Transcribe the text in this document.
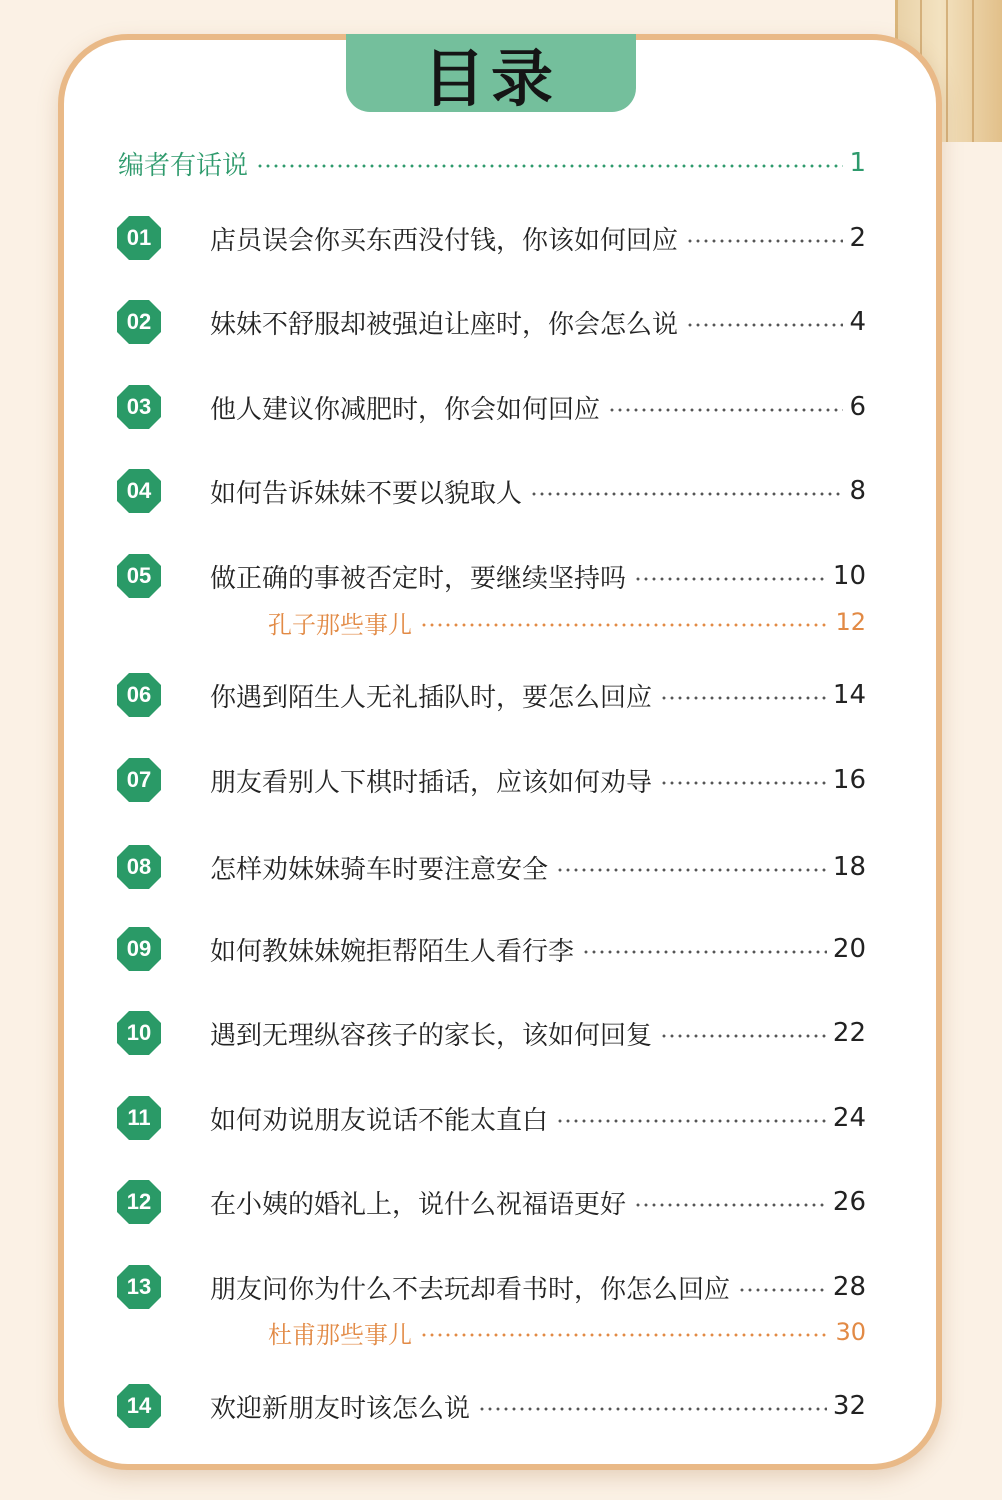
目录
编者有话说	1
01 店员误会你买东西没付钱，你该如何回应	2
02 妹妹不舒服却被强迫让座时，你会怎么说	4
03 他人建议你减肥时，你会如何回应	6
04 如何告诉妹妹不要以貌取人	8
05 做正确的事被否定时，要继续坚持吗	10
孔子那些事儿	12
06 你遇到陌生人无礼插队时，要怎么回应	14
07 朋友看别人下棋时插话，应该如何劝导	16
08 怎样劝妹妹骑车时要注意安全	18
09 如何教妹妹婉拒帮陌生人看行李	20
10 遇到无理纵容孩子的家长，该如何回复	22
11 如何劝说朋友说话不能太直白	24
12 在小姨的婚礼上，说什么祝福语更好	26
13 朋友问你为什么不去玩却看书时，你怎么回应	28
杜甫那些事儿	30
14 欢迎新朋友时该怎么说	32
